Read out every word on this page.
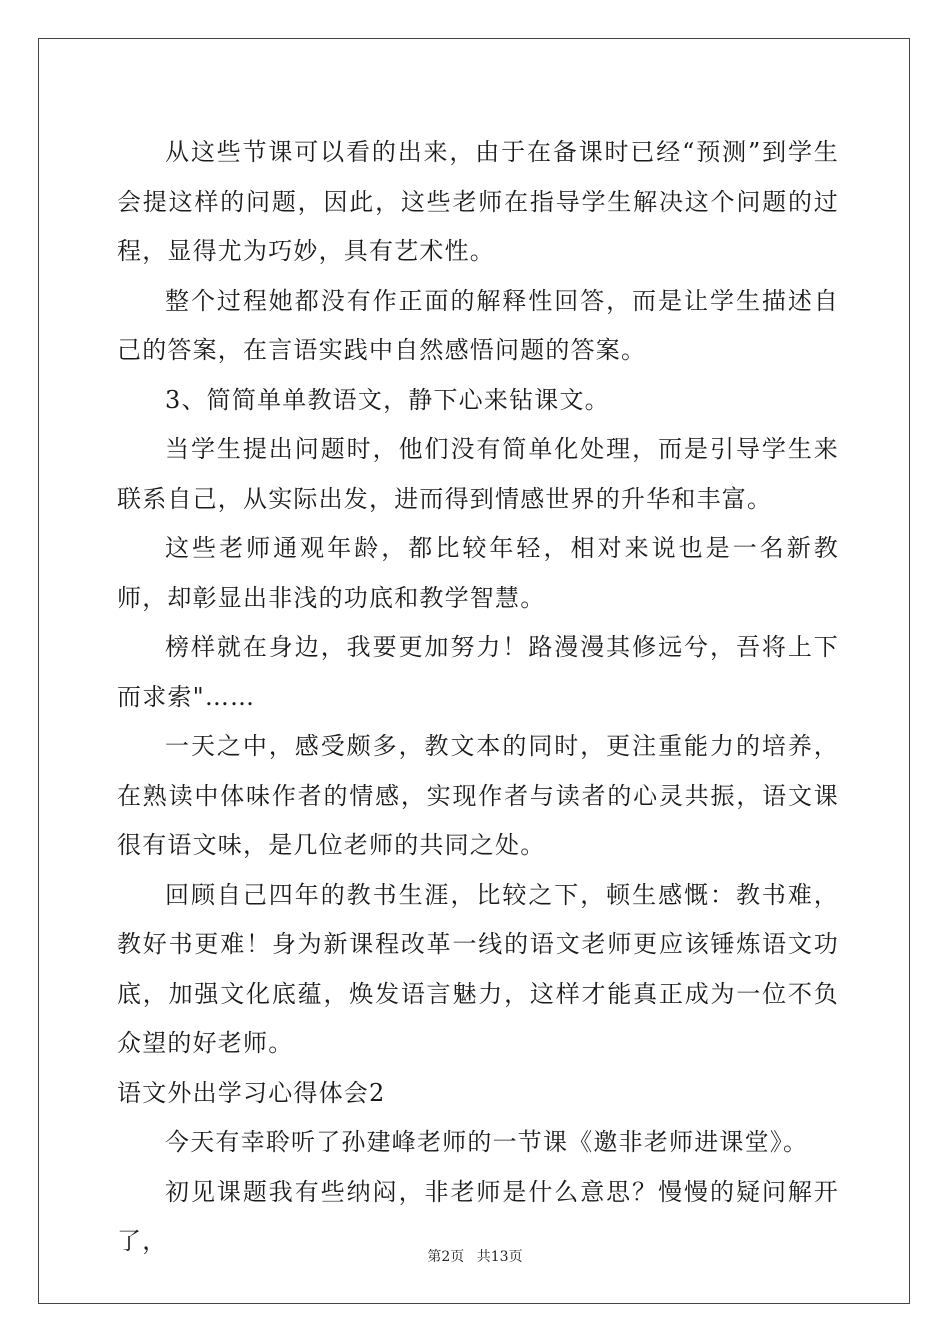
从这些节课可以看的出来，由于在备课时已经“预测”到学生会提这样的问题，因此，这些老师在指导学生解决这个问题的过程，显得尤为巧妙，具有艺术性。

整个过程她都没有作正面的解释性回答，而是让学生描述自己的答案，在言语实践中自然感悟问题的答案。

3、简简单单教语文，静下心来钻课文。

当学生提出问题时，他们没有简单化处理，而是引导学生来联系自己，从实际出发，进而得到情感世界的升华和丰富。

这些老师通观年龄，都比较年轻，相对来说也是一名新教师，却彰显出非浅的功底和教学智慧。

榜样就在身边，我要更加努力！路漫漫其修远兮，吾将上下而求索"……

一天之中，感受颇多，教文本的同时，更注重能力的培养，在熟读中体味作者的情感，实现作者与读者的心灵共振，语文课很有语文味，是几位老师的共同之处。

回顾自己四年的教书生涯，比较之下，顿生感慨：教书难，教好书更难！身为新课程改革一线的语文老师更应该锤炼语文功底，加强文化底蕴，焕发语言魅力，这样才能真正成为一位不负众望的好老师。

语文外出学习心得体会2

今天有幸聆听了孙建峰老师的一节课《邀非老师进课堂》。

初见课题我有些纳闷，非老师是什么意思？慢慢的疑问解开了，

第2页 共13页
